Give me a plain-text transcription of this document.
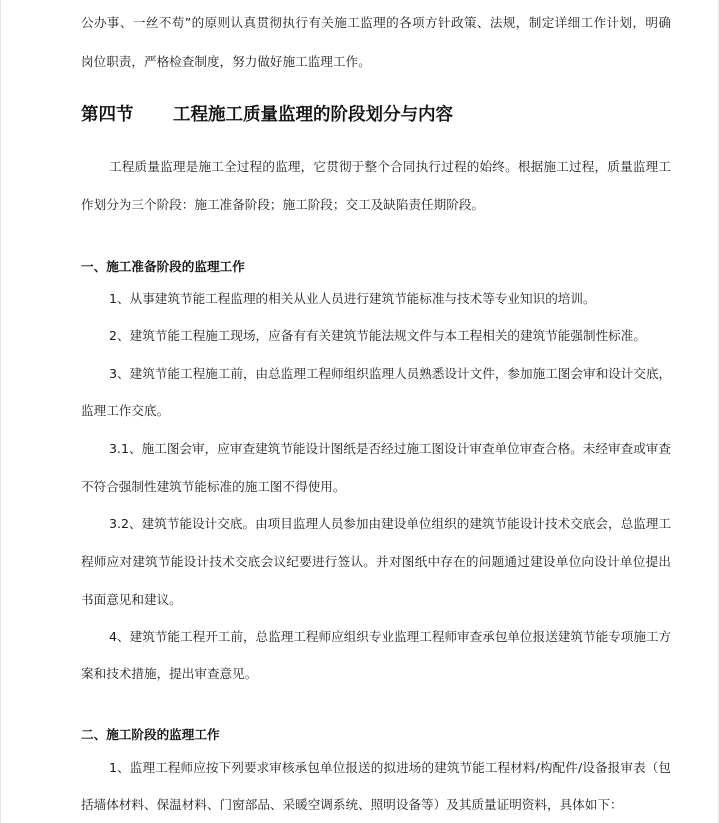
公办事、一丝不苟”的原则认真贯彻执行有关施工监理的各项方针政策、法规，制定详细工作计划，明确
岗位职责，严格检查制度，努力做好施工监理工作。
第四节 工程施工质量监理的阶段划分与内容
工程质量监理是施工全过程的监理，它贯彻于整个合同执行过程的始终。根据施工过程，质量监理工
作划分为三个阶段：施工准备阶段；施工阶段；交工及缺陷责任期阶段。
一、施工准备阶段的监理工作
1、从事建筑节能工程监理的相关从业人员进行建筑节能标准与技术等专业知识的培训。
2、建筑节能工程施工现场，应备有有关建筑节能法规文件与本工程相关的建筑节能强制性标准。
3、建筑节能工程施工前，由总监理工程师组织监理人员熟悉设计文件，参加施工图会审和设计交底，
监理工作交底。
3.1、施工图会审，应审查建筑节能设计图纸是否经过施工图设计审查单位审查合格。未经审查或审查
不符合强制性建筑节能标准的施工图不得使用。
3.2、建筑节能设计交底。由项目监理人员参加由建设单位组织的建筑节能设计技术交底会，总监理工
程师应对建筑节能设计技术交底会议纪要进行签认。并对图纸中存在的问题通过建设单位向设计单位提出
书面意见和建议。
4、建筑节能工程开工前，总监理工程师应组织专业监理工程师审查承包单位报送建筑节能专项施工方
案和技术措施，提出审查意见。
二、施工阶段的监理工作
1、监理工程师应按下列要求审核承包单位报送的拟进场的建筑节能工程材料/构配件/设备报审表（包
括墙体材料、保温材料、门窗部品、采暖空调系统、照明设备等）及其质量证明资料，具体如下：
